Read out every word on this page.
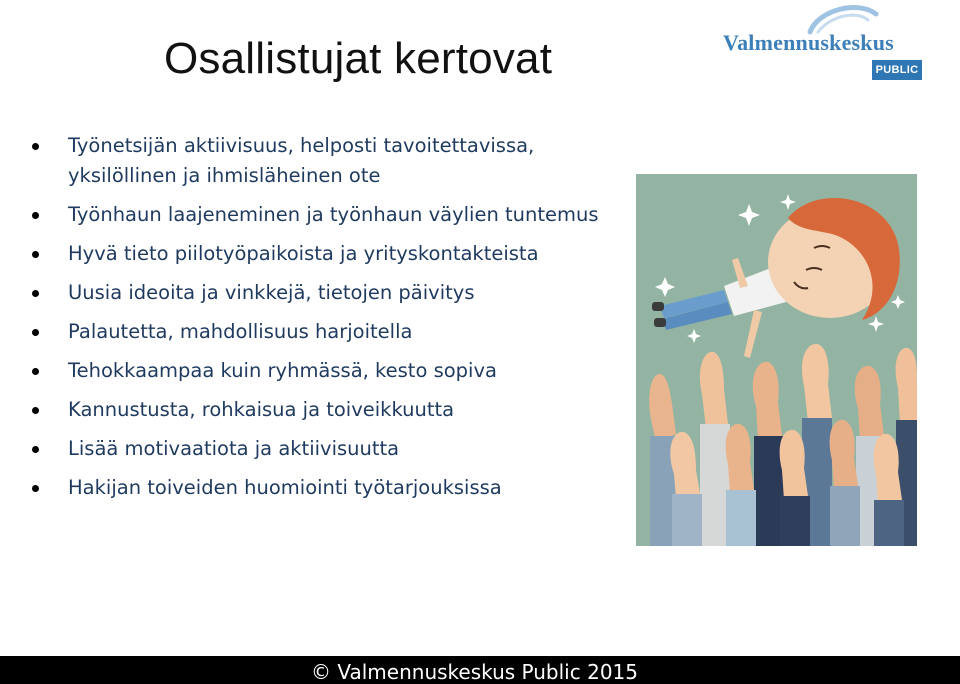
Osallistujat kertovat	Valmennuskeskus
PUBLIC
Työnetsijän aktiivisuus, helposti tavoitettavissa, yksilöllinen ja ihmisläheinen ote
Työnhaun laajeneminen ja työnhaun väylien tuntemus
Hyvä tieto piilotyöpaikoista ja yrityskontakteista
Uusia ideoita ja vinkkejä, tietojen päivitys
Palautetta, mahdollisuus harjoitella
Tehokkaampaa kuin ryhmässä, kesto sopiva
Kannustusta, rohkaisua ja toiveikkuutta
Lisää motivaatiota ja aktiivisuutta
Hakijan toiveiden huomiointi työtarjouksissa
© Valmennuskeskus Public 2015
